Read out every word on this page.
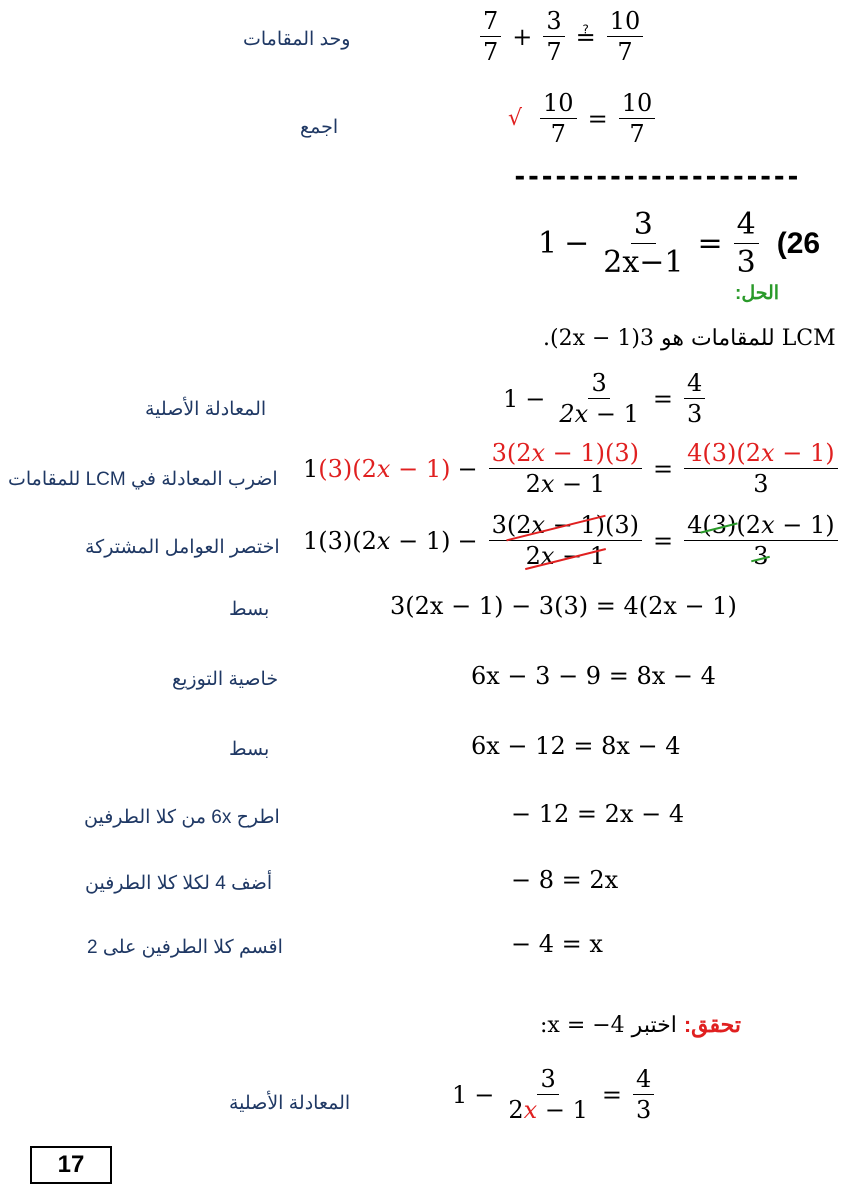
وحد المقامات	$\frac{7}{7} + \frac{3}{7}$ ≟ $\frac{10}{7}$
اجمع	√ $\frac{10}{7} = \frac{10}{7}$
---------------------
$1 - \frac{3}{2x-1} = \frac{4}{3} (26$
الحل:
LCM للمقامات هو 3(2x − 1).
المعادلة الأصلية	$1 - \frac{3}{2x - 1} = \frac{4}{3}$
اضرب المعادلة في LCM للمقامات 1 $(3)(2x - 1) - \frac{3(2x - 1)(3)}{2x - 1} = \frac{4(3)(2x - 1)}{3}$
اختصر العوامل المشتركة $1(3)(2x - 1) - \frac{3(2x - 1)(3)}{2x - 1} = \frac{4(3)(2x - 1)}{3}$
بسط	3(2x − 1) − 3(3) = 4(2x − 1)
خاصية التوزيع	6x − 3 − 9 = 8x − 4
بسط	6x − 12 = 8x − 4
اطرح 6x من كلا الطرفين	− 12 = 2x − 4
أضف 4 لكلا كلا الطرفين	− 8 = 2x
اقسم كلا الطرفين على 2	− 4 = x
تحقق: اختبر x = −4:
المعادلة الأصلية	$1 - \frac{3}{2x - 1} = \frac{4}{3}$
17
